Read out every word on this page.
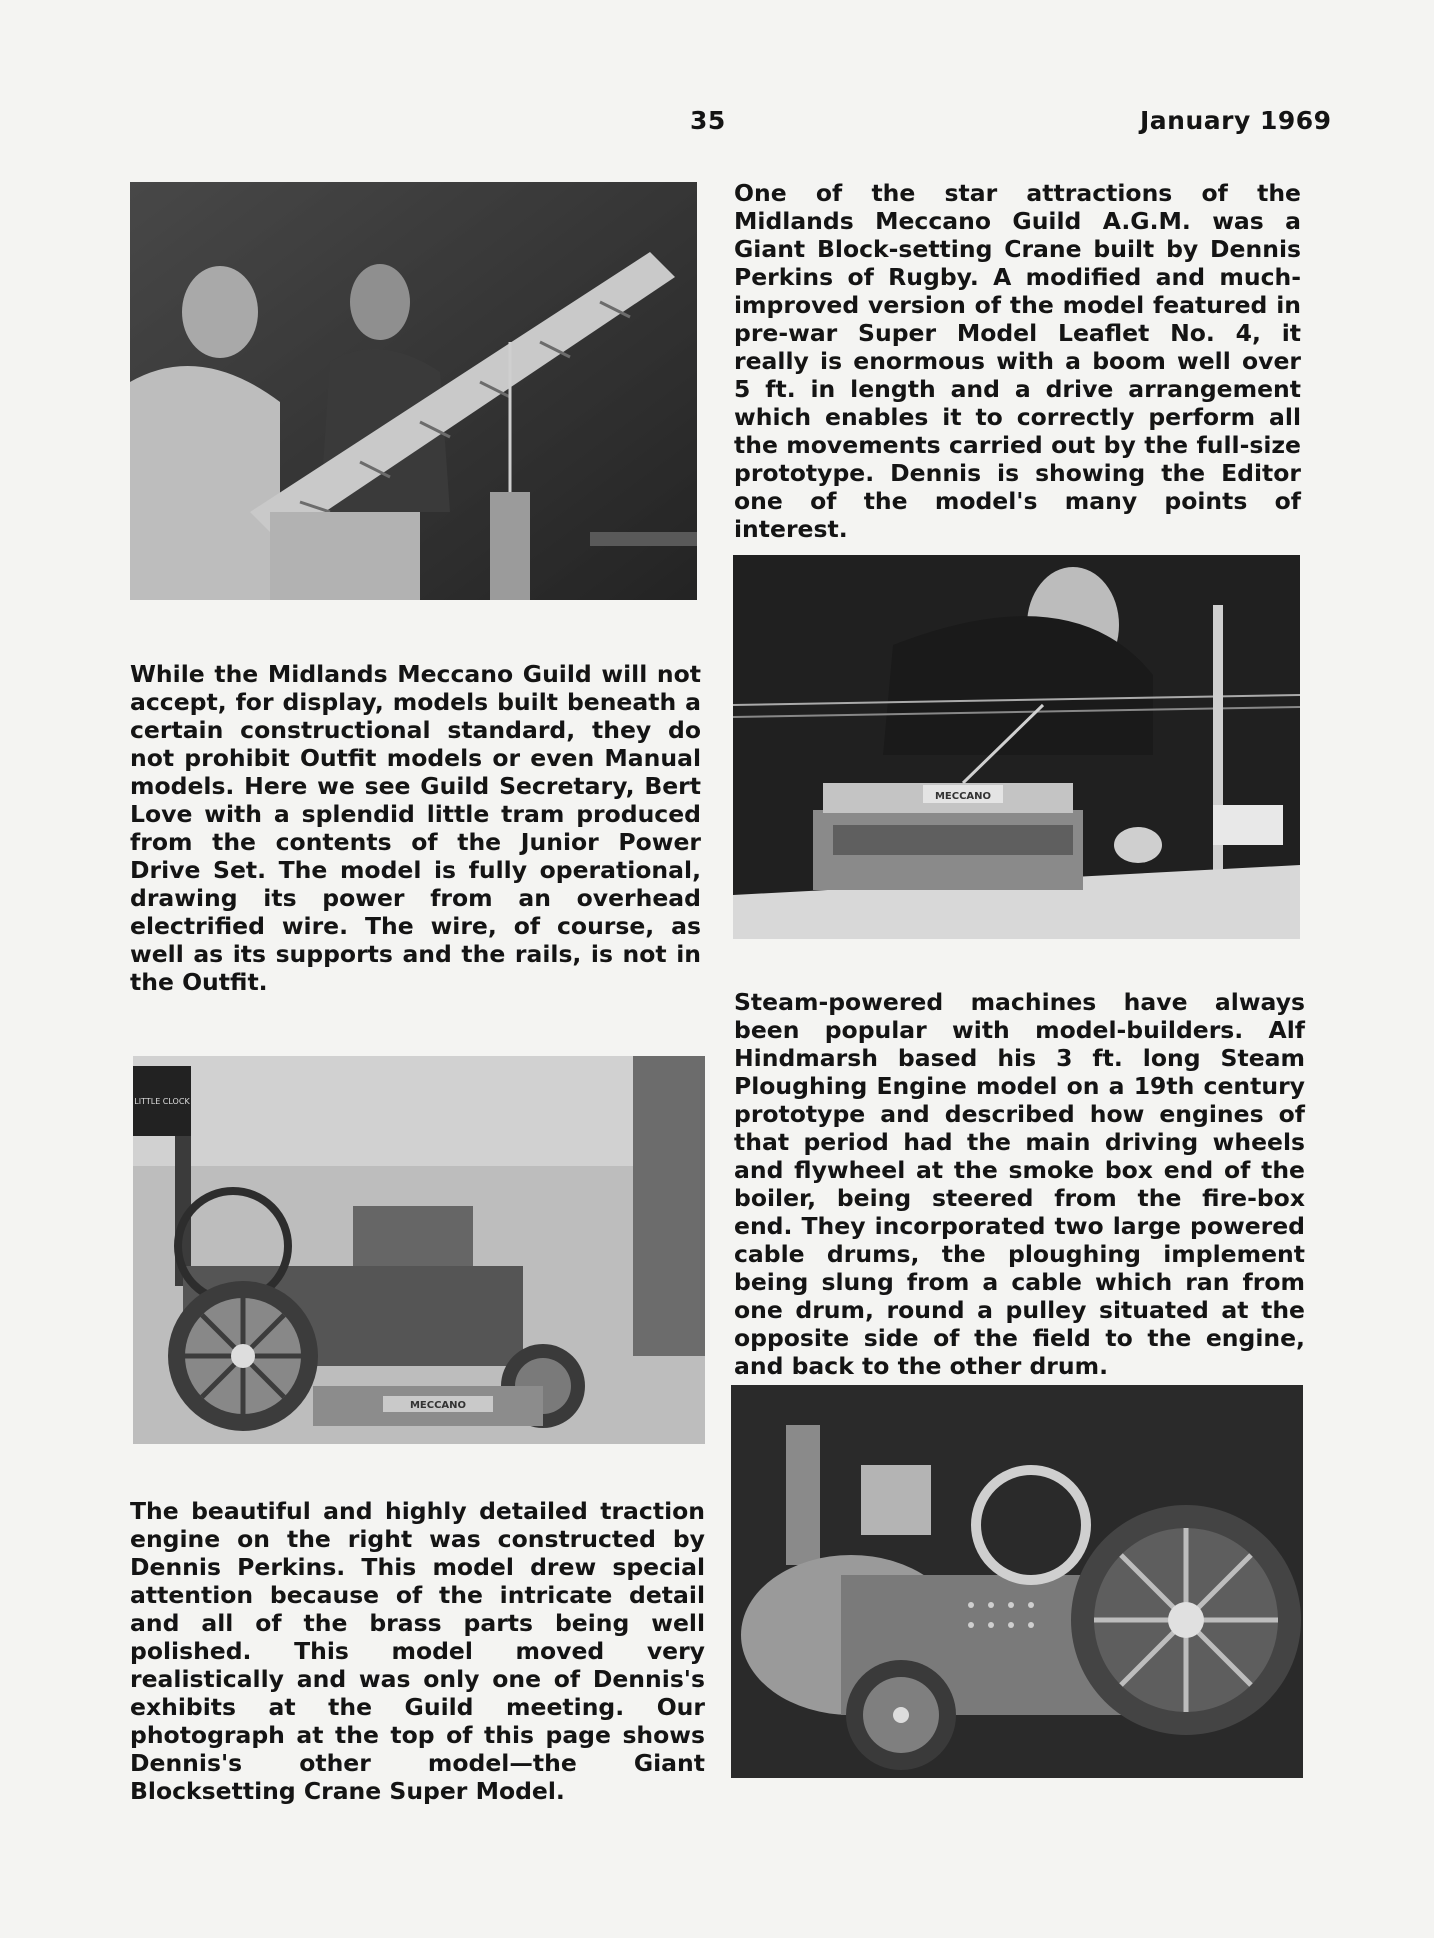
35	January 1969
MECCANO
LITTLE CLOCK
MECCANO

One of the star attractions of the Midlands Meccano Guild A.G.M. was a Giant Block-setting Crane built by Dennis Perkins of Rugby. A modified and much-improved version of the model featured in pre-war Super Model Leaflet No. 4, it really is enormous with a boom well over 5 ft. in length and a drive arrangement which enables it to correctly perform all the movements carried out by the full-size prototype. Dennis is showing the Editor one of the model's many points of interest.

While the Midlands Meccano Guild will not accept, for display, models built beneath a certain constructional standard, they do not prohibit Outfit models or even Manual models. Here we see Guild Secretary, Bert Love with a splendid little tram produced from the contents of the Junior Power Drive Set. The model is fully operational, drawing its power from an overhead electrified wire. The wire, of course, as well as its supports and the rails, is not in the Outfit.

Steam-powered machines have always been popular with model-builders. Alf Hindmarsh based his 3 ft. long Steam Ploughing Engine model on a 19th century prototype and described how engines of that period had the main driving wheels and flywheel at the smoke box end of the boiler, being steered from the fire-box end. They incorporated two large powered cable drums, the ploughing implement being slung from a cable which ran from one drum, round a pulley situated at the opposite side of the field to the engine, and back to the other drum.

The beautiful and highly detailed traction engine on the right was constructed by Dennis Perkins. This model drew special attention because of the intricate detail and all of the brass parts being well polished. This model moved very realistically and was only one of Dennis's exhibits at the Guild meeting. Our photograph at the top of this page shows Dennis's other model—the Giant Blocksetting Crane Super Model.
